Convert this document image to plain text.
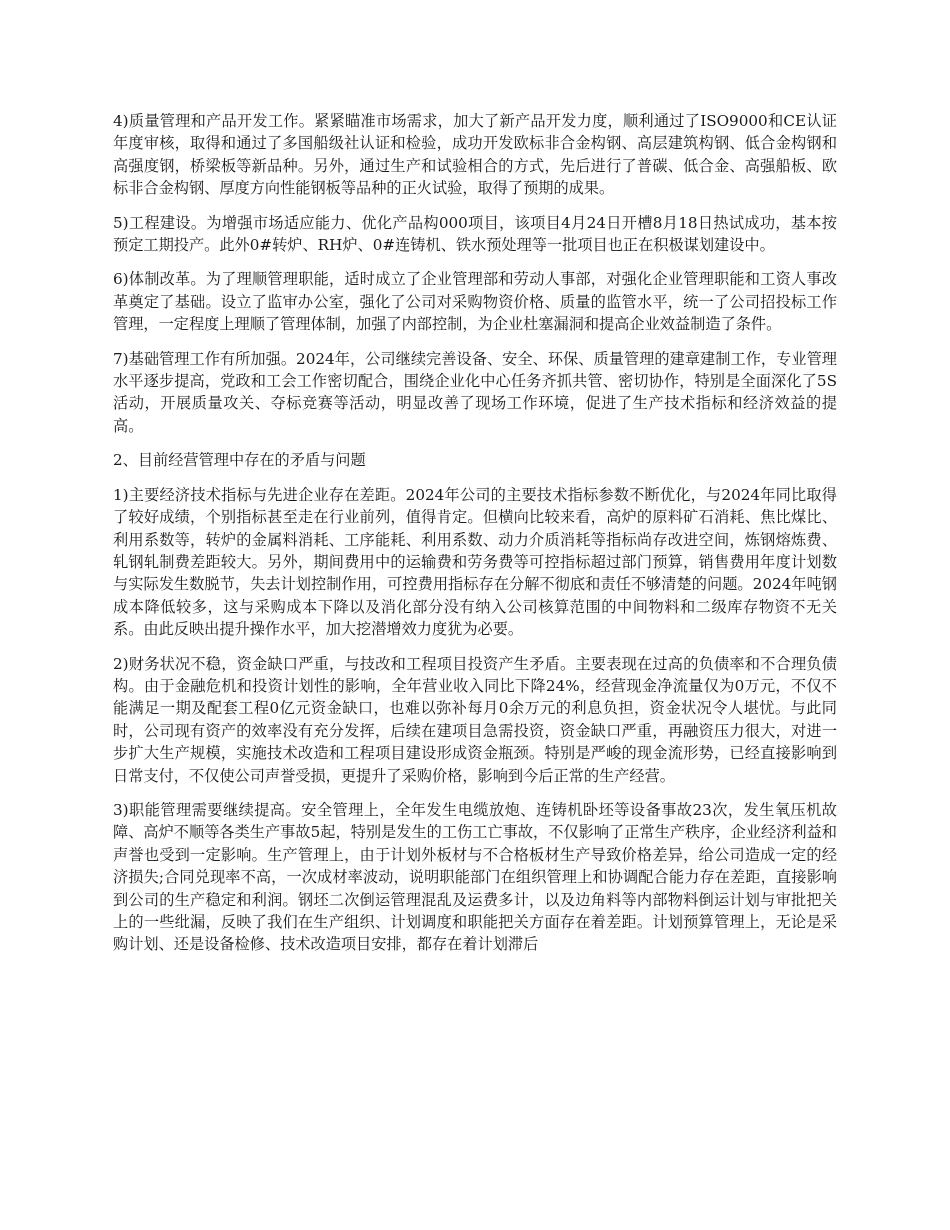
4)质量管理和产品开发工作。紧紧瞄准市场需求，加大了新产品开发力度，顺利通过了ISO9000和CE认证年度审核，取得和通过了多国船级社认证和检验，成功开发欧标非合金构钢、高层建筑构钢、低合金构钢和高强度钢，桥梁板等新品种。另外，通过生产和试验相合的方式，先后进行了普碳、低合金、高强船板、欧标非合金构钢、厚度方向性能钢板等品种的正火试验，取得了预期的成果。

5)工程建设。为增强市场适应能力、优化产品构000项目，该项目4月24日开槽8月18日热试成功，基本按预定工期投产。此外0#转炉、RH炉、0#连铸机、铁水预处理等一批项目也正在积极谋划建设中。

6)体制改革。为了理顺管理职能，适时成立了企业管理部和劳动人事部，对强化企业管理职能和工资人事改革奠定了基础。设立了监审办公室，强化了公司对采购物资价格、质量的监管水平，统一了公司招投标工作管理，一定程度上理顺了管理体制，加强了内部控制，为企业杜塞漏洞和提高企业效益制造了条件。

7)基础管理工作有所加强。2024年，公司继续完善设备、安全、环保、质量管理的建章建制工作，专业管理水平逐步提高，党政和工会工作密切配合，围绕企业化中心任务齐抓共管、密切协作，特别是全面深化了5S活动，开展质量攻关、夺标竞赛等活动，明显改善了现场工作环境，促进了生产技术指标和经济效益的提高。

2、目前经营管理中存在的矛盾与问题

1)主要经济技术指标与先进企业存在差距。2024年公司的主要技术指标参数不断优化，与2024年同比取得了较好成绩，个别指标甚至走在行业前列，值得肯定。但横向比较来看，高炉的原料矿石消耗、焦比煤比、利用系数等，转炉的金属料消耗、工序能耗、利用系数、动力介质消耗等指标尚存改进空间，炼钢熔炼费、轧钢轧制费差距较大。另外，期间费用中的运输费和劳务费等可控指标超过部门预算，销售费用年度计划数与实际发生数脱节，失去计划控制作用，可控费用指标存在分解不彻底和责任不够清楚的问题。2024年吨钢成本降低较多，这与采购成本下降以及消化部分没有纳入公司核算范围的中间物料和二级库存物资不无关系。由此反映出提升操作水平，加大挖潜增效力度犹为必要。

2)财务状况不稳，资金缺口严重，与技改和工程项目投资产生矛盾。主要表现在过高的负债率和不合理负债构。由于金融危机和投资计划性的影响，全年营业收入同比下降24%，经营现金净流量仅为0万元，不仅不能满足一期及配套工程0亿元资金缺口，也难以弥补每月0余万元的利息负担，资金状况令人堪忧。与此同时，公司现有资产的效率没有充分发挥，后续在建项目急需投资，资金缺口严重，再融资压力很大，对进一步扩大生产规模，实施技术改造和工程项目建设形成资金瓶颈。特别是严峻的现金流形势，已经直接影响到日常支付，不仅使公司声誉受损，更提升了采购价格，影响到今后正常的生产经营。

3)职能管理需要继续提高。安全管理上，全年发生电缆放炮、连铸机卧坯等设备事故23次，发生氧压机故障、高炉不顺等各类生产事故5起，特别是发生的工伤工亡事故，不仅影响了正常生产秩序，企业经济利益和声誉也受到一定影响。生产管理上，由于计划外板材与不合格板材生产导致价格差异，给公司造成一定的经济损失;合同兑现率不高，一次成材率波动，说明职能部门在组织管理上和协调配合能力存在差距，直接影响到公司的生产稳定和利润。钢坯二次倒运管理混乱及运费多计，以及边角料等内部物料倒运计划与审批把关上的一些纰漏，反映了我们在生产组织、计划调度和职能把关方面存在着差距。计划预算管理上，无论是采购计划、还是设备检修、技术改造项目安排，都存在着计划滞后
